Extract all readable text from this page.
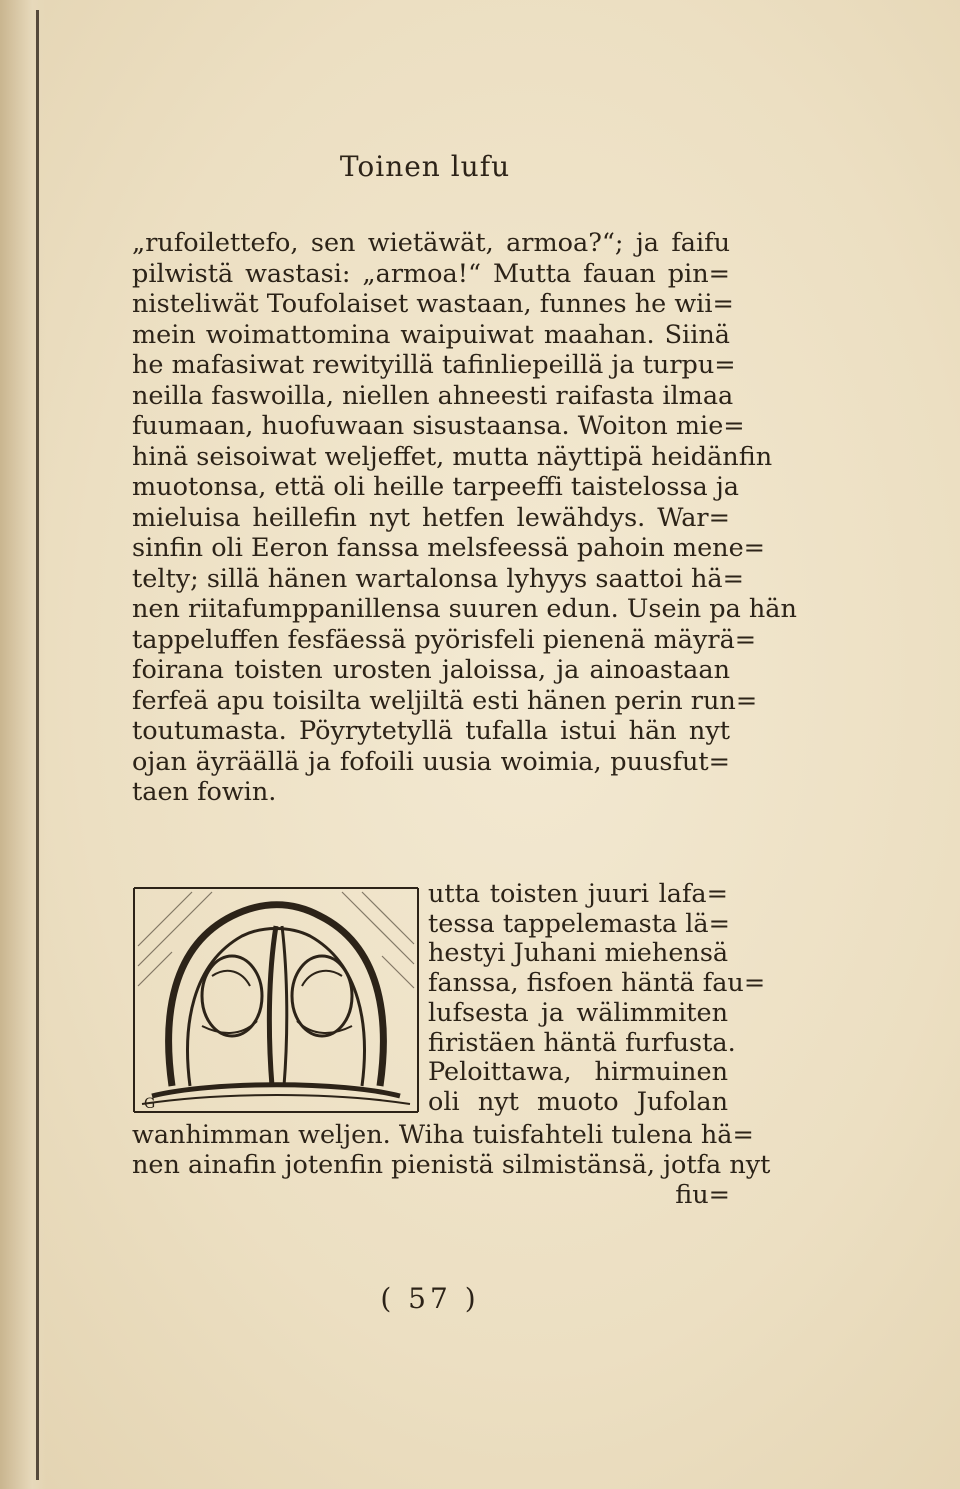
Toinen lufu
„rufoilettefo, sen wietäwät, armoa?“; ja faifu
pilwistä wastasi: „armoa!“ Mutta fauan pin=
nisteliwät Toufolaiset wastaan, funnes he wii=
mein woimattomina waipuiwat maahan. Siinä
he mafasiwat rewityillä tafinliepeillä ja turpu=
neilla faswoilla, niellen ahneesti raifasta ilmaa
fuumaan, huofuwaan sisustaansa. Woiton mie=
hinä seisoiwat weljeffet, mutta näyttipä heidänfin
muotonsa, että oli heille tarpeeffi taistelossa ja
mieluisa heillefin nyt hetfen lewähdys. War=
sinfin oli Eeron fanssa melsfeessä pahoin mene=
telty; sillä hänen wartalonsa lyhyys saattoi hä=
nen riitafumppanillensa suuren edun. Usein pa hän
tappeluffen fesfäessä pyörisfeli pienenä mäyrä=
foirana toisten urosten jaloissa, ja ainoastaan
ferfeä apu toisilta weljiltä esti hänen perin run=
toutumasta. Pöyrytetyllä tufalla istui hän nyt
ojan äyräällä ja fofoili uusia woimia, puusfut=
taen fowin.
G
utta toisten juuri lafa=
tessa tappelemasta lä=
hestyi Juhani miehensä
fanssa, fisfoen häntä fau=
lufsesta ja wälimmiten
firistäen häntä furfusta.
Peloittawa, hirmuinen
oli nyt muoto Jufolan
wanhimman weljen. Wiha tuisfahteli tulena hä=
nen ainafin jotenfin pienistä silmistänsä, jotfa nyt
fiu=
( 57 )
